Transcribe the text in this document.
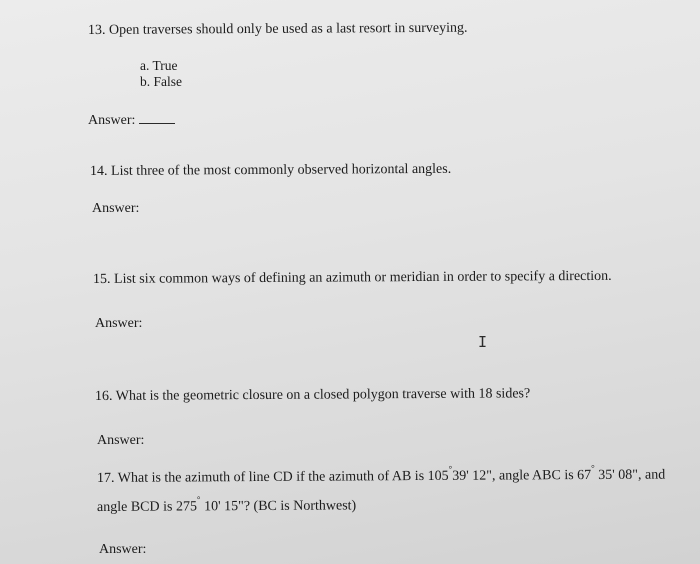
13. Open traverses should only be used as a last resort in surveying.
a. True
b. False
Answer:
14. List three of the most commonly observed horizontal angles.
Answer:
15. List six common ways of defining an azimuth or meridian in order to specify a direction.
Answer:
I
16. What is the geometric closure on a closed polygon traverse with 18 sides?
Answer:
17. What is the azimuth of line CD if the azimuth of AB is 105°39' 12", angle ABC is 67° 35' 08", and
angle BCD is 275° 10' 15"? (BC is Northwest)
Answer:
